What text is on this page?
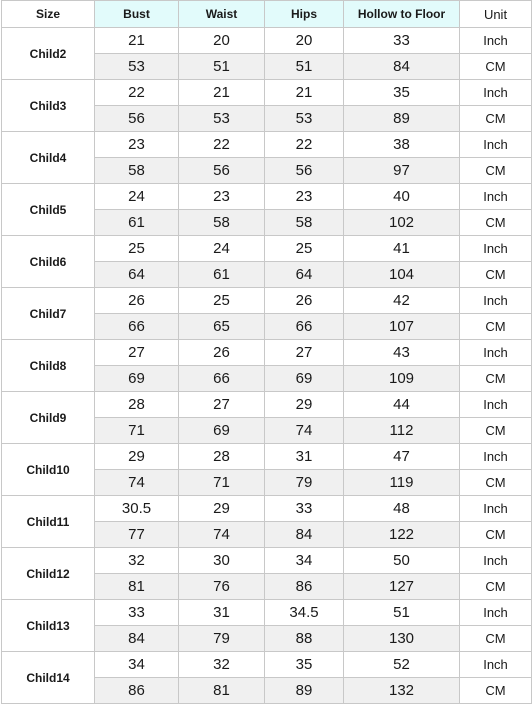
Size	Bust	Waist	Hips	Hollow to Floor	Unit
Child2	21	20	20	33	Inch
	53	51	51	84	CM
Child3	22	21	21	35	Inch
	56	53	53	89	CM
Child4	23	22	22	38	Inch
	58	56	56	97	CM
Child5	24	23	23	40	Inch
	61	58	58	102	CM
Child6	25	24	25	41	Inch
	64	61	64	104	CM
Child7	26	25	26	42	Inch
	66	65	66	107	CM
Child8	27	26	27	43	Inch
	69	66	69	109	CM
Child9	28	27	29	44	Inch
	71	69	74	112	CM
Child10	29	28	31	47	Inch
	74	71	79	119	CM
Child11	30.5	29	33	48	Inch
	77	74	84	122	CM
Child12	32	30	34	50	Inch
	81	76	86	127	CM
Child13	33	31	34.5	51	Inch
	84	79	88	130	CM
Child14	34	32	35	52	Inch
	86	81	89	132	CM
